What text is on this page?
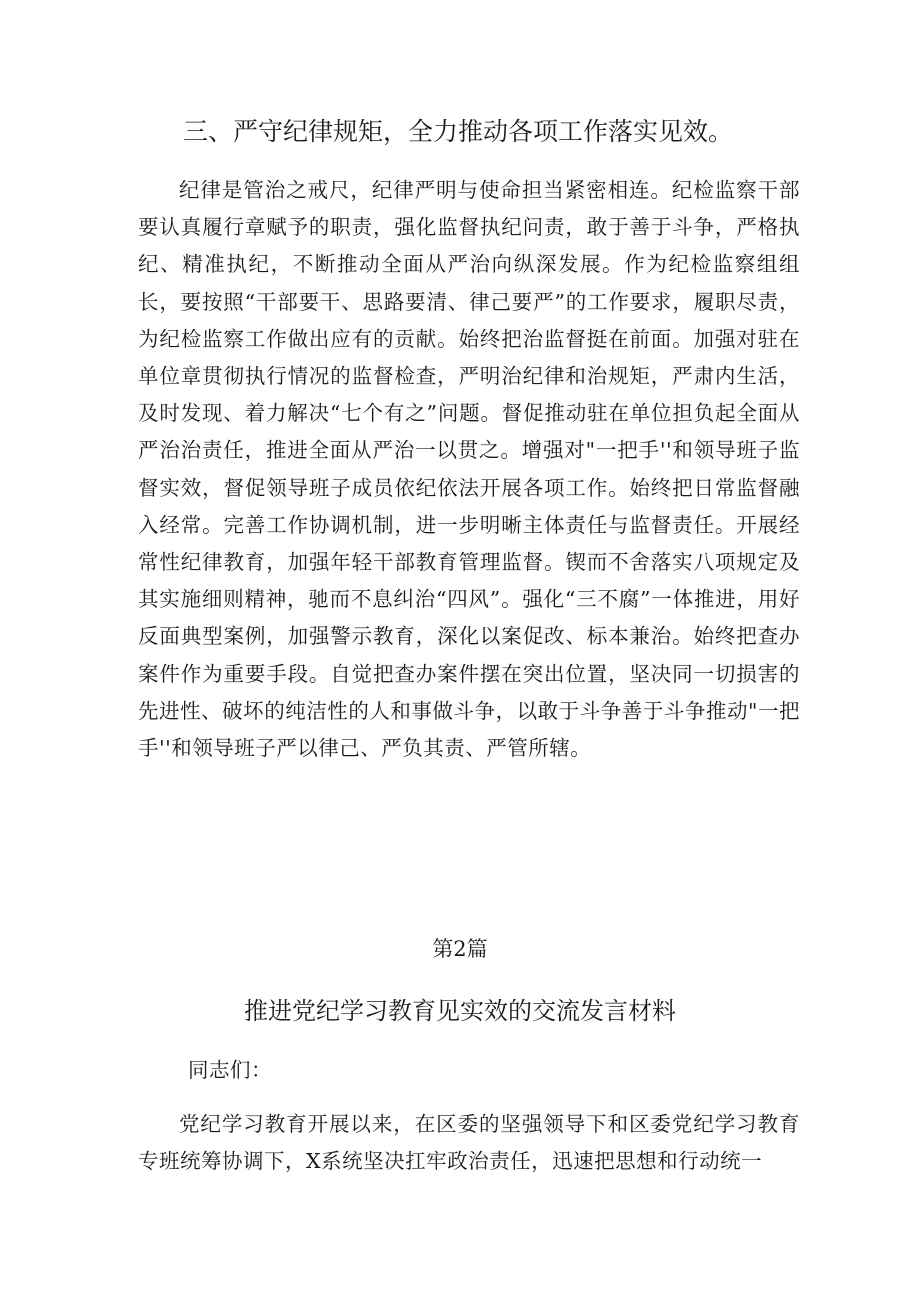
三、严守纪律规矩，全力推动各项工作落实见效。

纪律是管治之戒尺，纪律严明与使命担当紧密相连。纪检监察干部要认真履行章赋予的职责，强化监督执纪问责，敢于善于斗争，严格执纪、精准执纪，不断推动全面从严治向纵深发展。作为纪检监察组组长，要按照“干部要干、思路要清、律己要严”的工作要求，履职尽责，为纪检监察工作做出应有的贡献。始终把治监督挺在前面。加强对驻在单位章贯彻执行情况的监督检查，严明治纪律和治规矩，严肃内生活，及时发现、着力解决“七个有之”问题。督促推动驻在单位担负起全面从严治治责任，推进全面从严治一以贯之。增强对"一把手''和领导班子监督实效，督促领导班子成员依纪依法开展各项工作。始终把日常监督融入经常。完善工作协调机制，进一步明晰主体责任与监督责任。开展经常性纪律教育，加强年轻干部教育管理监督。锲而不舍落实八项规定及其实施细则精神，驰而不息纠治“四风”。强化“三不腐”一体推进，用好反面典型案例，加强警示教育，深化以案促改、标本兼治。始终把查办案件作为重要手段。自觉把查办案件摆在突出位置，坚决同一切损害的先进性、破坏的纯洁性的人和事做斗争，以敢于斗争善于斗争推动"一把手''和领导班子严以律己、严负其责、严管所辖。

第2篇
推进党纪学习教育见实效的交流发言材料
同志们：

党纪学习教育开展以来，在区委的坚强领导下和区委党纪学习教育专班统筹协调下，X系统坚决扛牢政治责任，迅速把思想和行动统一
